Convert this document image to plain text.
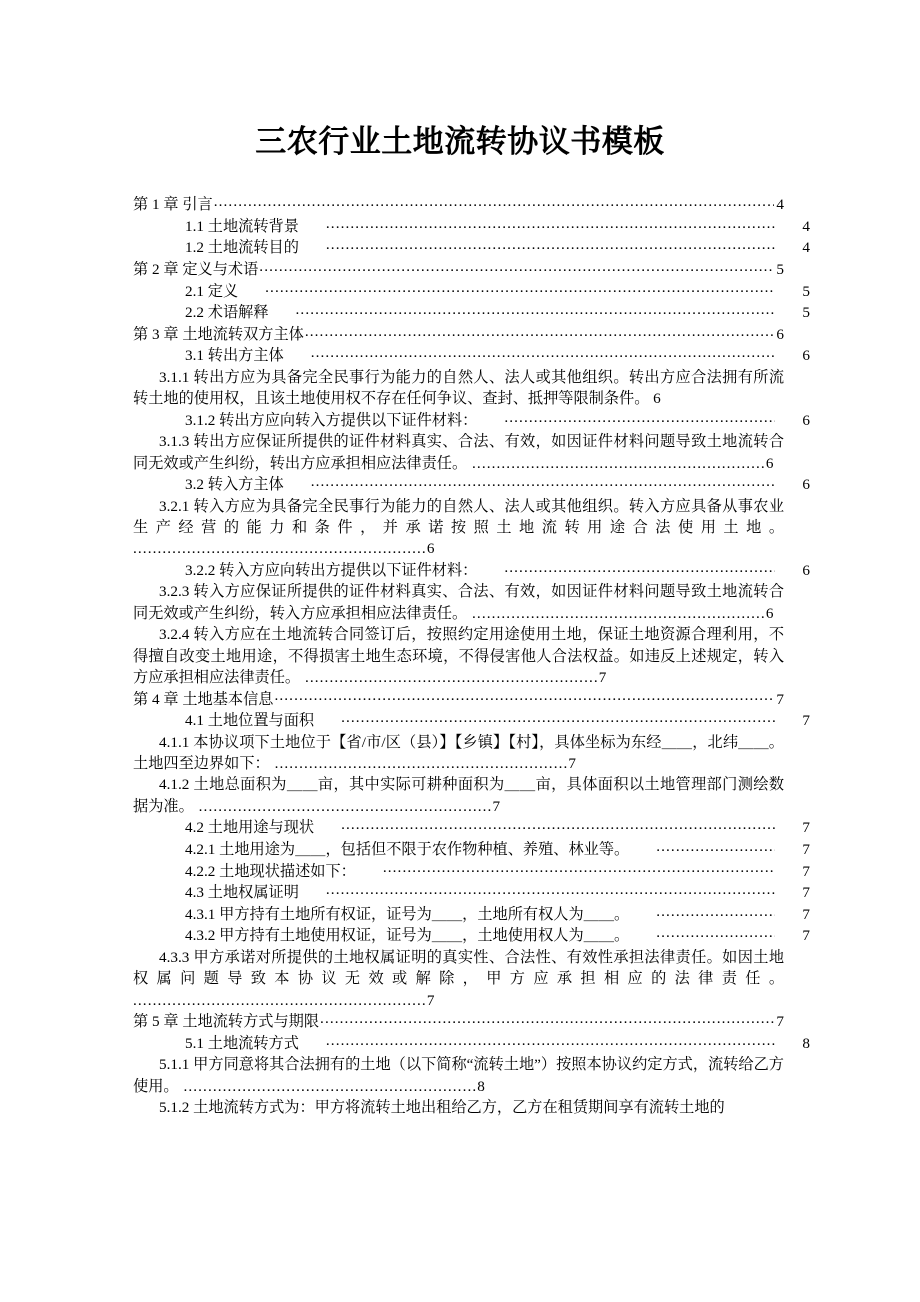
三农行业土地流转协议书模板
第 1 章 引言 .....	4
1.1 土地流转背景 .....	4
1.2 土地流转目的 .....	4
第 2 章 定义与术语 .....	5
2.1 定义 .....	5
2.2 术语解释 .....	5
第 3 章 土地流转双方主体 .....	6
3.1 转出方主体 .....	6
3.1.1 转出方应为具备完全民事行为能力的自然人、法人或其他组织。转出方应合法拥有所流转土地的使用权，且该土地使用权不存在任何争议、查封、抵押等限制条件。 6
3.1.2 转出方应向转入方提供以下证件材料： .....	6
3.1.3 转出方应保证所提供的证件材料真实、合法、有效，如因证件材料问题导致土地流转合同无效或产生纠纷，转出方应承担相应法律责任。 ............................................................6
3.2 转入方主体 .....	6
3.2.1 转入方应为具备完全民事行为能力的自然人、法人或其他组织。转入方应具备从事农业生产经营的能力和条件，并承诺按照土地流转用途合法使用土地。 ............................................................6
3.2.2 转入方应向转出方提供以下证件材料： .....	6
3.2.3 转入方应保证所提供的证件材料真实、合法、有效，如因证件材料问题导致土地流转合同无效或产生纠纷，转入方应承担相应法律责任。 ............................................................6
3.2.4 转入方应在土地流转合同签订后，按照约定用途使用土地，保证土地资源合理利用，不得擅自改变土地用途，不得损害土地生态环境，不得侵害他人合法权益。如违反上述规定，转入方应承担相应法律责任。 ............................................................7
第 4 章 土地基本信息 .....	7
4.1 土地位置与面积 .....	7
4.1.1 本协议项下土地位于【省/市/区（县）】【乡镇】【村】，具体坐标为东经＿＿，北纬＿＿。土地四至边界如下： ............................................................7
4.1.2 土地总面积为＿＿亩，其中实际可耕种面积为＿＿亩，具体面积以土地管理部门测绘数据为准。 ............................................................7
4.2 土地用途与现状 .....	7
4.2.1 土地用途为＿＿，包括但不限于农作物种植、养殖、林业等。 .....	7
4.2.2 土地现状描述如下： .....	7
4.3 土地权属证明 .....	7
4.3.1 甲方持有土地所有权证，证号为＿＿，土地所有权人为＿＿。 .....	7
4.3.2 甲方持有土地使用权证，证号为＿＿，土地使用权人为＿＿。 .....	7
4.3.3 甲方承诺对所提供的土地权属证明的真实性、合法性、有效性承担法律责任。如因土地权属问题导致本协议无效或解除，甲方应承担相应的法律责任。 ............................................................7
第 5 章 土地流转方式与期限 .....	7
5.1 土地流转方式 .....	8
5.1.1 甲方同意将其合法拥有的土地（以下简称“流转土地”）按照本协议约定方式，流转给乙方使用。 ............................................................8
5.1.2 土地流转方式为：甲方将流转土地出租给乙方，乙方在租赁期间享有流转土地的
